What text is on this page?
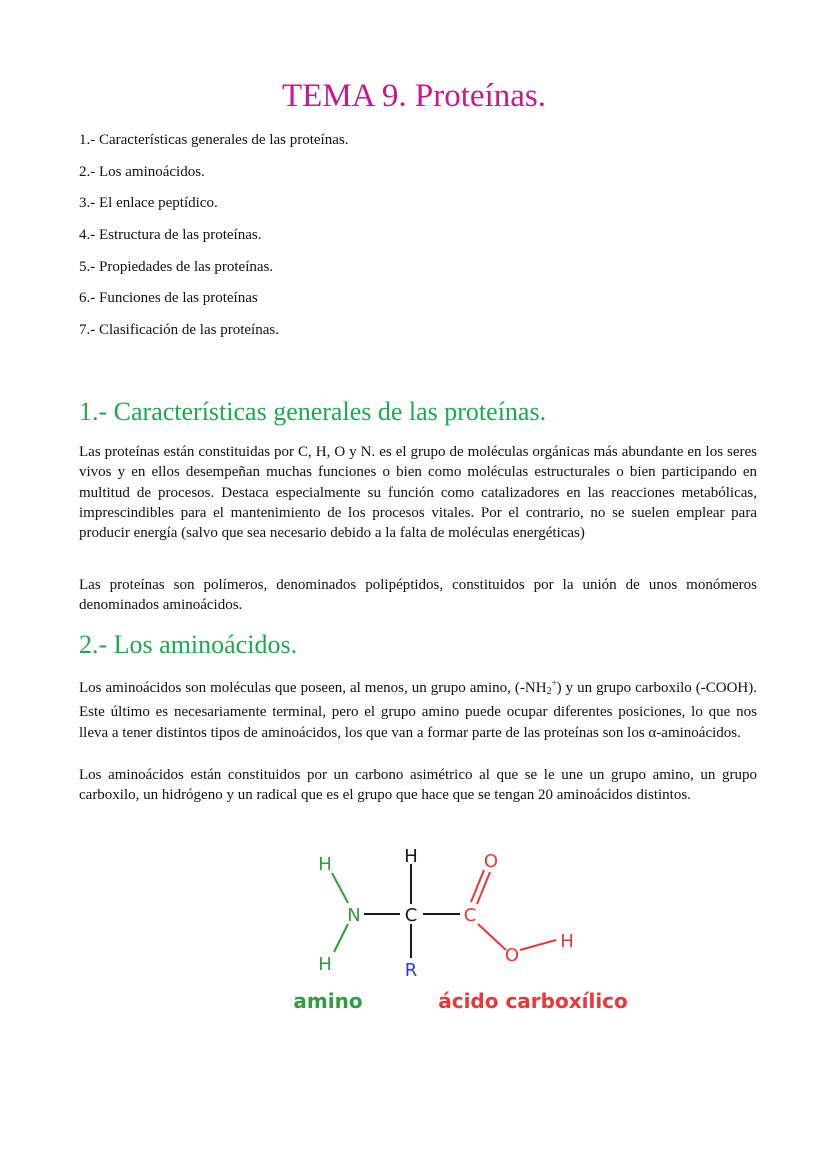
TEMA 9. Proteínas.
1.- Características generales de las proteínas.
2.- Los aminoácidos.
3.- El enlace peptídico.
4.- Estructura de las proteínas.
5.- Propiedades de las proteínas.
6.- Funciones de las proteínas
7.- Clasificación de las proteínas.
1.- Características generales de las proteínas.

Las proteínas están constituidas por C, H, O y N. es el grupo de moléculas orgánicas más abundante en los seres vivos y en ellos desempeñan muchas funciones o bien como moléculas estructurales o bien participando en multitud de procesos. Destaca especialmente su función como catalizadores en las reacciones metabólicas, imprescindibles para el mantenimiento de los procesos vitales. Por el contrario, no se suelen emplear para producir energía (salvo que sea necesario debido a la falta de moléculas energéticas)

Las proteínas son polímeros, denominados polipéptidos, constituidos por la unión de unos monómeros denominados aminoácidos.

2.- Los aminoácidos.

Los aminoácidos son moléculas que poseen, al menos, un grupo amino, $(-NH_2^+)$ y un grupo carboxilo (-COOH). Este último es necesariamente terminal, pero el grupo amino puede ocupar diferentes posiciones, lo que nos lleva a tener distintos tipos de aminoácidos, los que van a formar parte de las proteínas son los α-aminoácidos.

Los aminoácidos están constituidos por un carbono asimétrico al que se le une un grupo amino, un grupo carboxilo, un hidrógeno y un radical que es el grupo que hace que se tengan 20 aminoácidos distintos.

H
H
N C
H
R
C
O
O
H
amino	ácido carboxílico
